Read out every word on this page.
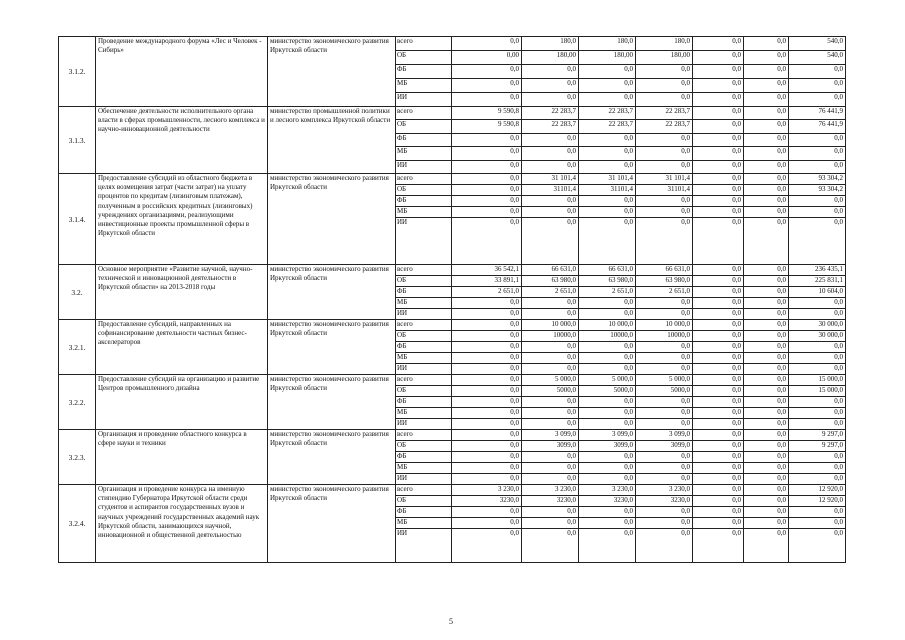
3.1.2.	Проведение международного форума «Лес и Человек - Сибирь»	министерство экономического развития Иркутской области	всего	0,0	180,0	180,0	180,0	0,0	0,0	540,0
			ОБ	0,00	180,00	180,00	180,00	0,0	0,0	540,0
			ФБ	0,0	0,0	0,0	0,0	0,0	0,0	0,0
			МБ	0,0	0,0	0,0	0,0	0,0	0,0	0,0
			ИИ	0,0	0,0	0,0	0,0	0,0	0,0	0,0
3.1.3.	Обеспечение деятельности исполнительного органа власти в сферах промышленности, лесного комплекса и научно-инновационной деятельности	министерство промышленной политики и лесного комплекса Иркутской области	всего	9 590,8	22 283,7	22 283,7	22 283,7	0,0	0,0	76 441,9
			ОБ	9 590,8	22 283,7	22 283,7	22 283,7	0,0	0,0	76 441,9
			ФБ	0,0	0,0	0,0	0,0	0,0	0,0	0,0
			МБ	0,0	0,0	0,0	0,0	0,0	0,0	0,0
			ИИ	0,0	0,0	0,0	0,0	0,0	0,0	0,0
3.1.4.	Предоставление субсидий из областного бюджета в целях возмещения затрат (части затрат) на уплату процентов по кредитам (лизинговым платежам), полученным в российских кредитных (лизинговых) учреждениях организациями, реализующими инвестиционные проекты промышленной сферы в Иркутской области	министерство экономического развития Иркутской области	всего	0,0	31 101,4	31 101,4	31 101,4	0,0	0,0	93 304,2
			ОБ	0,0	31101,4	31101,4	31101,4	0,0	0,0	93 304,2
			ФБ	0,0	0,0	0,0	0,0	0,0	0,0	0,0
			МБ	0,0	0,0	0,0	0,0	0,0	0,0	0,0
			ИИ	0,0	0,0	0,0	0,0	0,0	0,0	0,0
3.2.	Основное мероприятие «Развитие научной, научно-технической и инновационной деятельности в Иркутской области» на 2013-2018 годы	министерство экономического развития Иркутской области	всего	36 542,1	66 631,0	66 631,0	66 631,0	0,0	0,0	236 435,1
			ОБ	33 891,1	63 980,0	63 980,0	63 980,0	0,0	0,0	225 831,1
			ФБ	2 651,0	2 651,0	2 651,0	2 651,0	0,0	0,0	10 604,0
			МБ	0,0	0,0	0,0	0,0	0,0	0,0	0,0
			ИИ	0,0	0,0	0,0	0,0	0,0	0,0	0,0
3.2.1.	Предоставление субсидий, направленных на софинансирование деятельности частных бизнес-акселераторов	министерство экономического развития Иркутской области	всего	0,0	10 000,0	10 000,0	10 000,0	0,0	0,0	30 000,0
			ОБ	0,0	10000,0	10000,0	10000,0	0,0	0,0	30 000,0
			ФБ	0,0	0,0	0,0	0,0	0,0	0,0	0,0
			МБ	0,0	0,0	0,0	0,0	0,0	0,0	0,0
			ИИ	0,0	0,0	0,0	0,0	0,0	0,0	0,0
3.2.2.	Предоставление субсидий на организацию и развитие Центров промышленного дизайна	министерство экономического развития Иркутской области	всего	0,0	5 000,0	5 000,0	5 000,0	0,0	0,0	15 000,0
			ОБ	0,0	5000,0	5000,0	5000,0	0,0	0,0	15 000,0
			ФБ	0,0	0,0	0,0	0,0	0,0	0,0	0,0
			МБ	0,0	0,0	0,0	0,0	0,0	0,0	0,0
			ИИ	0,0	0,0	0,0	0,0	0,0	0,0	0,0
3.2.3.	Организация и проведение областного конкурса в сфере науки и техники	министерство экономического развития Иркутской области	всего	0,0	3 099,0	3 099,0	3 099,0	0,0	0,0	9 297,0
			ОБ	0,0	3099,0	3099,0	3099,0	0,0	0,0	9 297,0
			ФБ	0,0	0,0	0,0	0,0	0,0	0,0	0,0
			МБ	0,0	0,0	0,0	0,0	0,0	0,0	0,0
			ИИ	0,0	0,0	0,0	0,0	0,0	0,0	0,0
3.2.4.	Организация и проведение конкурса на именную стипендию Губернатора Иркутской области среди студентов и аспирантов государственных вузов и научных учреждений государственных академий наук Иркутской области, занимающихся научной, инновационной и общественной деятельностью	министерство экономического развития Иркутской области	всего	3 230,0	3 230,0	3 230,0	3 230,0	0,0	0,0	12 920,0
			ОБ	3230,0	3230,0	3230,0	3230,0	0,0	0,0	12 920,0
			ФБ	0,0	0,0	0,0	0,0	0,0	0,0	0,0
			МБ	0,0	0,0	0,0	0,0	0,0	0,0	0,0
			ИИ	0,0	0,0	0,0	0,0	0,0	0,0	0,0
5
